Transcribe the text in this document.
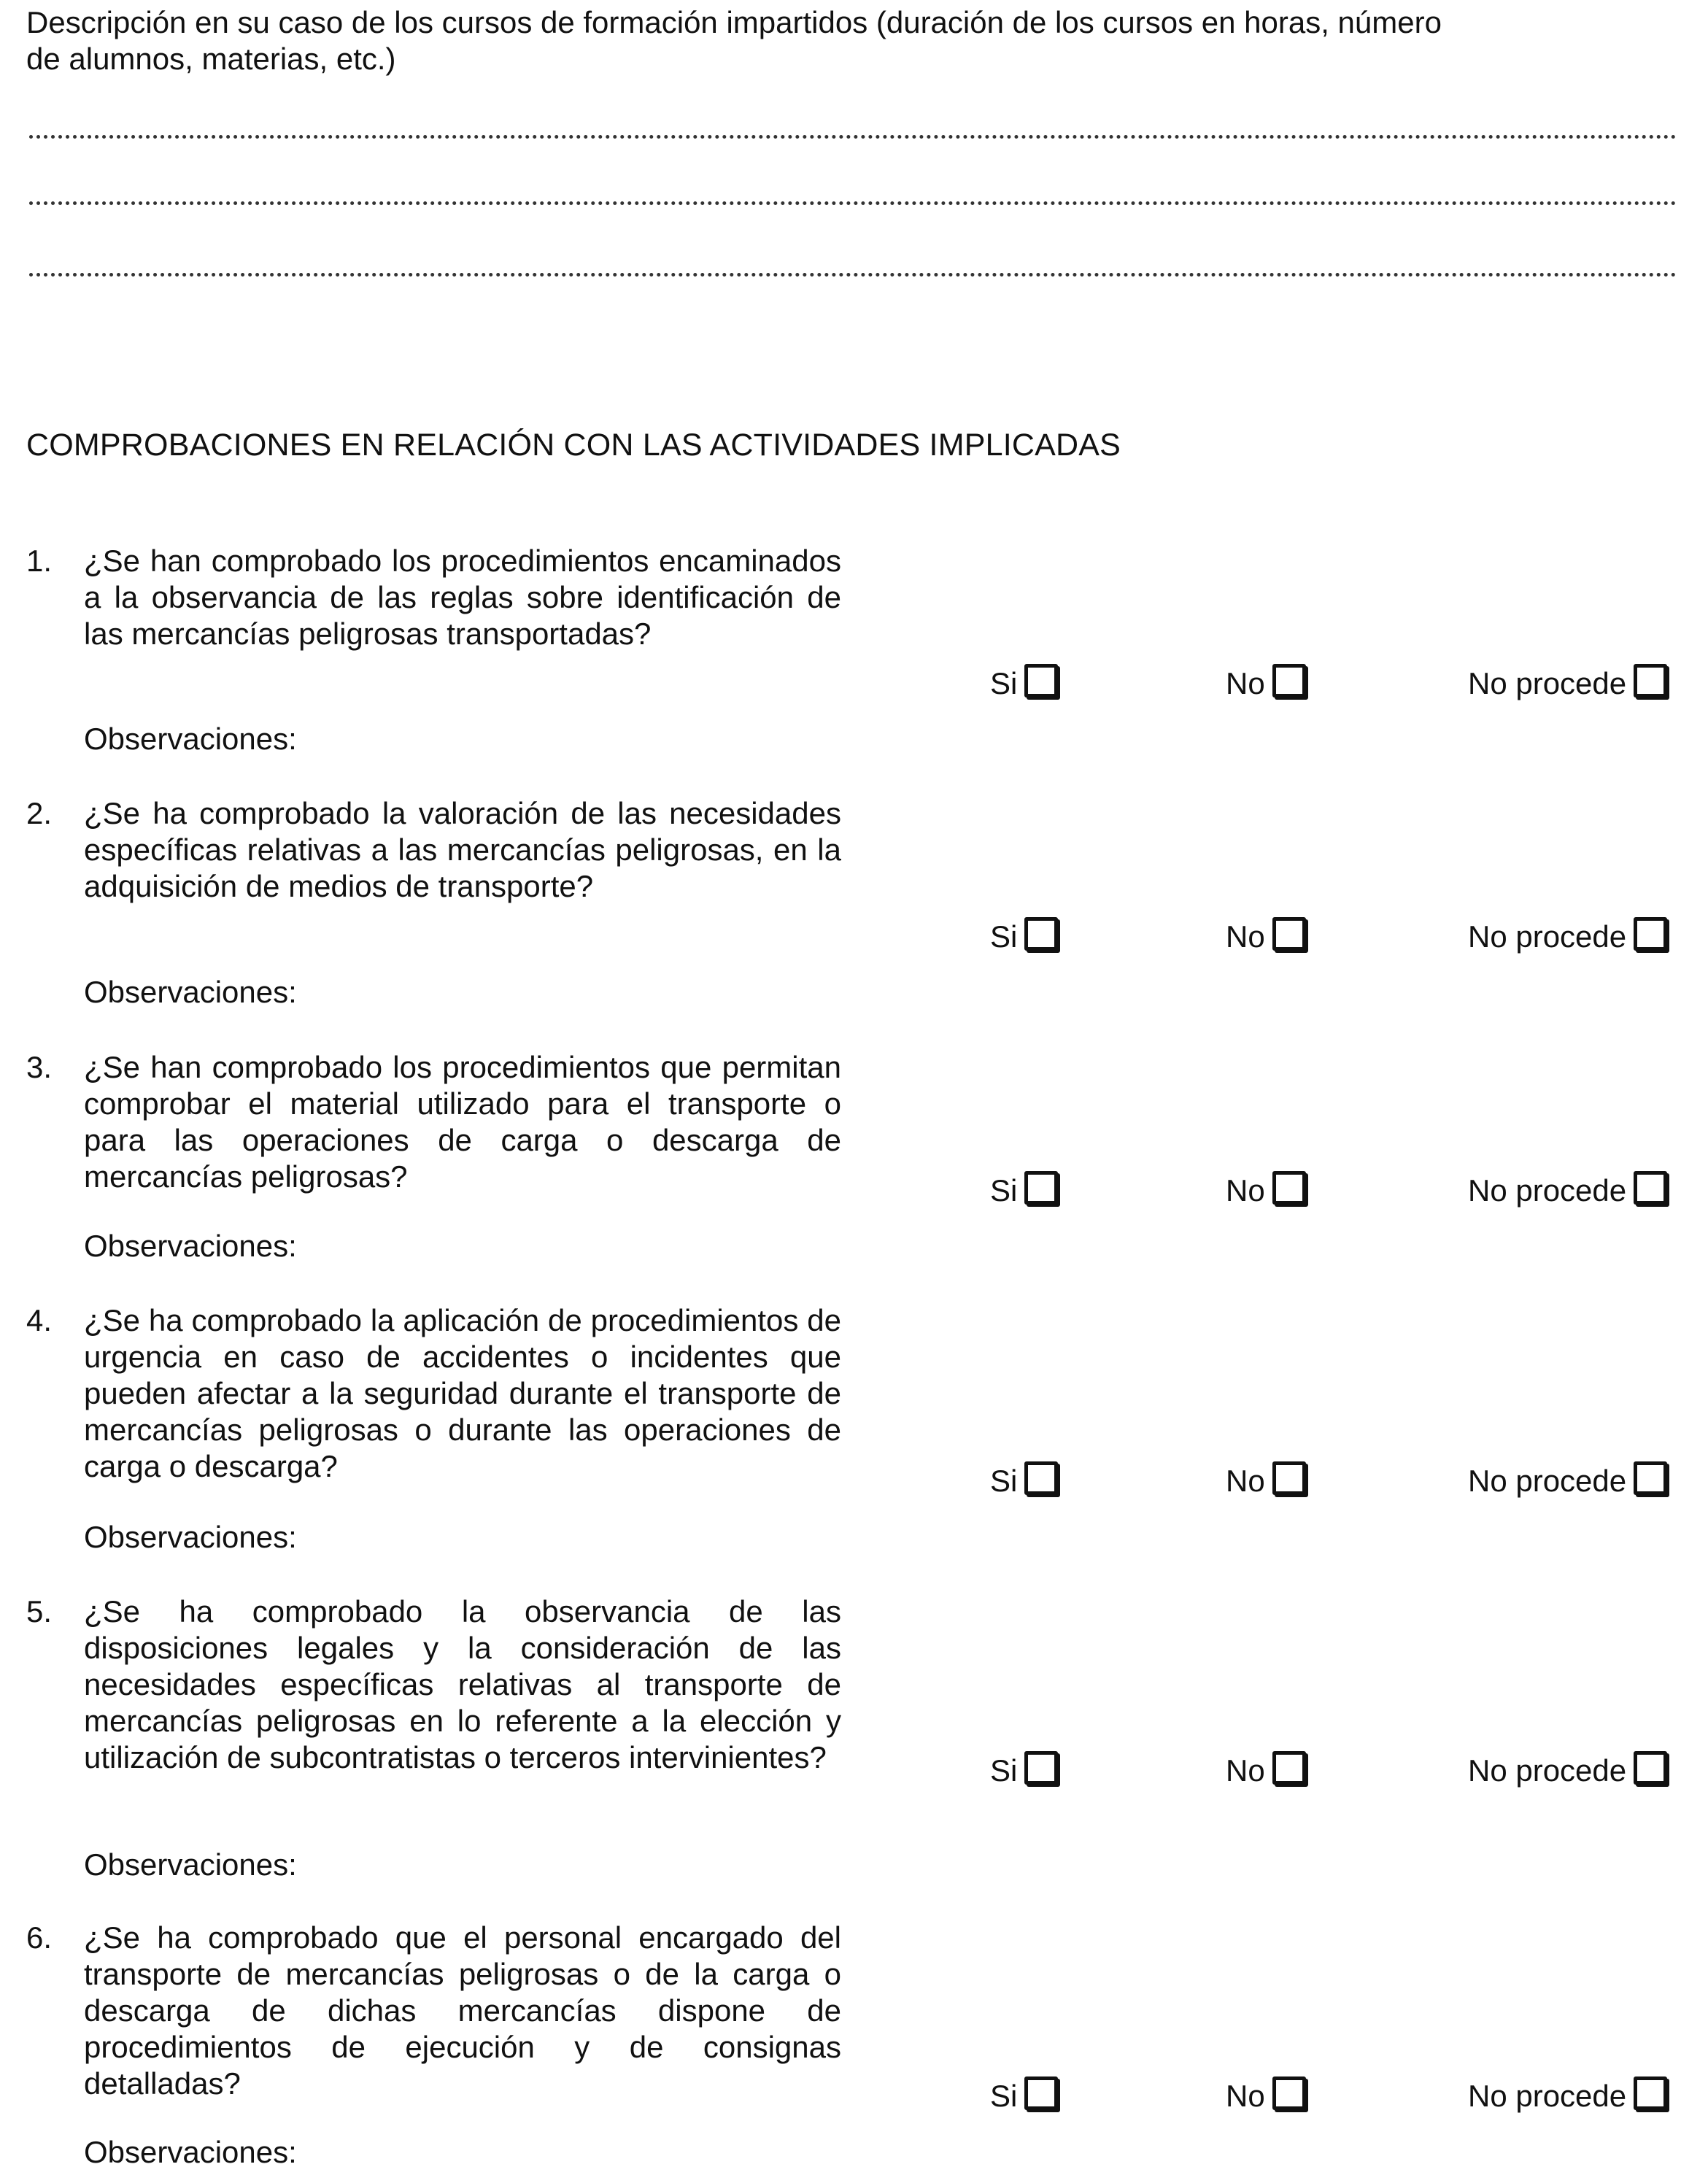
Descripción en su caso de los cursos de formación impartidos (duración de los cursos en horas, número de alumnos, materias, etc.)
COMPROBACIONES EN RELACIÓN CON LAS ACTIVIDADES IMPLICADAS
1.	¿Se han comprobado los procedimientos encaminados a la observancia de las reglas sobre identificación de las mercancías peligrosas transportadas?
Si	No	No procede
Observaciones:
2.	¿Se ha comprobado la valoración de las necesidades específicas relativas a las mercancías peligrosas, en la adquisición de medios de transporte?
Si	No	No procede
Observaciones:
3.	¿Se han comprobado los procedimientos que permitan comprobar el material utilizado para el transporte o para las operaciones de carga o descarga de mercancías peligrosas?	Si	No	No procede
Observaciones:
4.	¿Se ha comprobado la aplicación de procedimientos de urgencia en caso de accidentes o incidentes que pueden afectar a la seguridad durante el transporte de mercancías peligrosas o durante las operaciones de carga o descarga?	Si	No	No procede
Observaciones:
5.	¿Se ha comprobado la observancia de las disposiciones legales y la consideración de las necesidades específicas relativas al transporte de mercancías peligrosas en lo referente a la elección y utilización de subcontratistas o terceros intervinientes?	Si	No	No procede
Observaciones:
6.	¿Se ha comprobado que el personal encargado del transporte de mercancías peligrosas o de la carga o descarga de dichas mercancías dispone de procedimientos de ejecución y de consignas detalladas?	Si	No	No procede
Observaciones:
